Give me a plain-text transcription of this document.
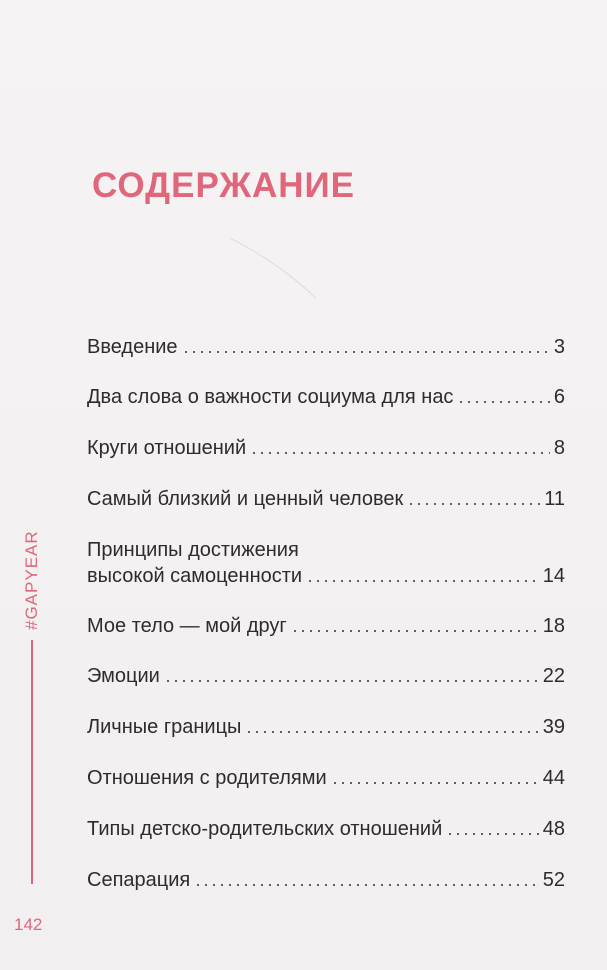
СОДЕРЖАНИЕ
Введение	3
Два слова о важности социума для нас	6
Круги отношений	8
Самый близкий и ценный человек	11
Принципы достижения
высокой самоценности	14
Мое тело — мой друг	18
Эмоции	22
Личные границы	39
Отношения с родителями	44
Типы детско-родительских отношений	48
Сепарация	52
#GAPYEAR
142
